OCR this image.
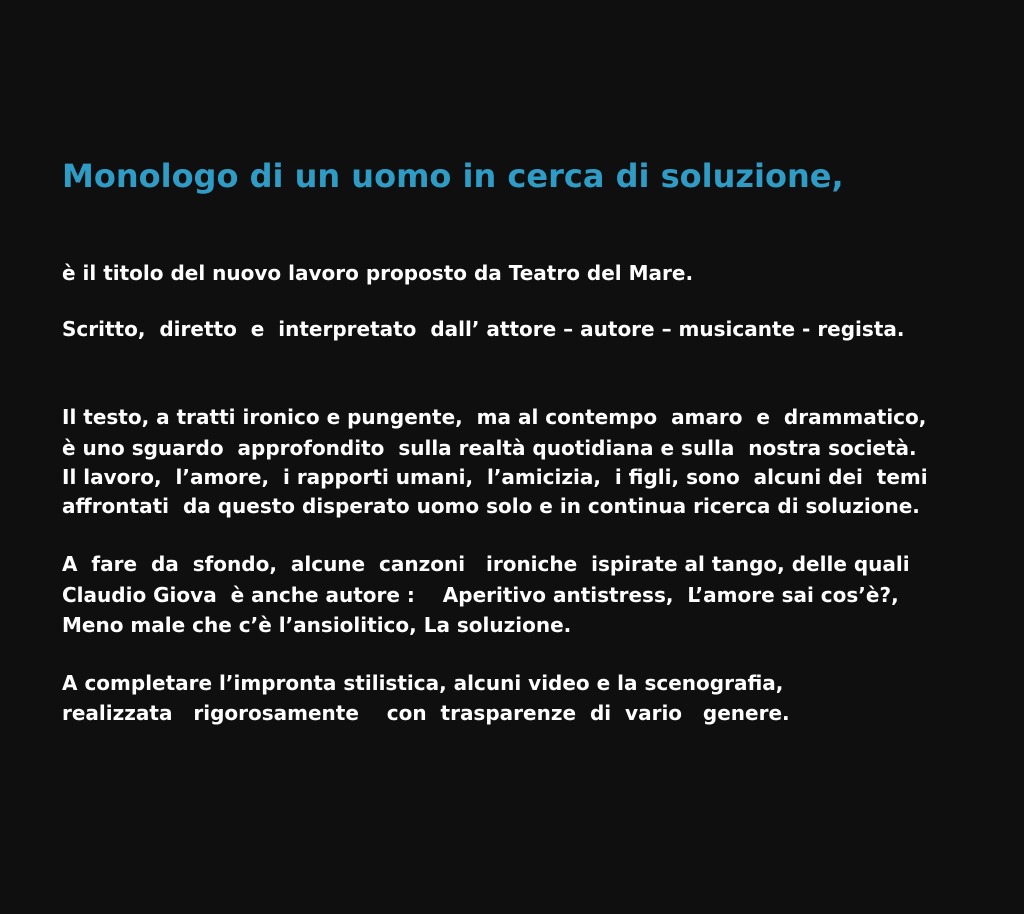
Monologo di un uomo in cerca di soluzione,

è il titolo del nuovo lavoro proposto da Teatro del Mare.

Scritto,  diretto  e  interpretato  dall’ attore – autore – musicante - regista.

Il testo, a tratti ironico e pungente,  ma al contempo  amaro  e  drammatico,

è uno sguardo  approfondito  sulla realtà quotidiana e sulla  nostra società.

Il lavoro,  l’amore,  i rapporti umani,  l’amicizia,  i figli, sono  alcuni dei  temi

affrontati  da questo disperato uomo solo e in continua ricerca di soluzione.

A  fare  da  sfondo,  alcune  canzoni   ironiche  ispirate al tango, delle quali

Claudio Giova  è anche autore :    Aperitivo antistress,  L’amore sai cos’è?,

Meno male che c’è l’ansiolitico, La soluzione.

A completare l’impronta stilistica, alcuni video e la scenografia,

realizzata   rigorosamente    con  trasparenze  di  vario   genere.
